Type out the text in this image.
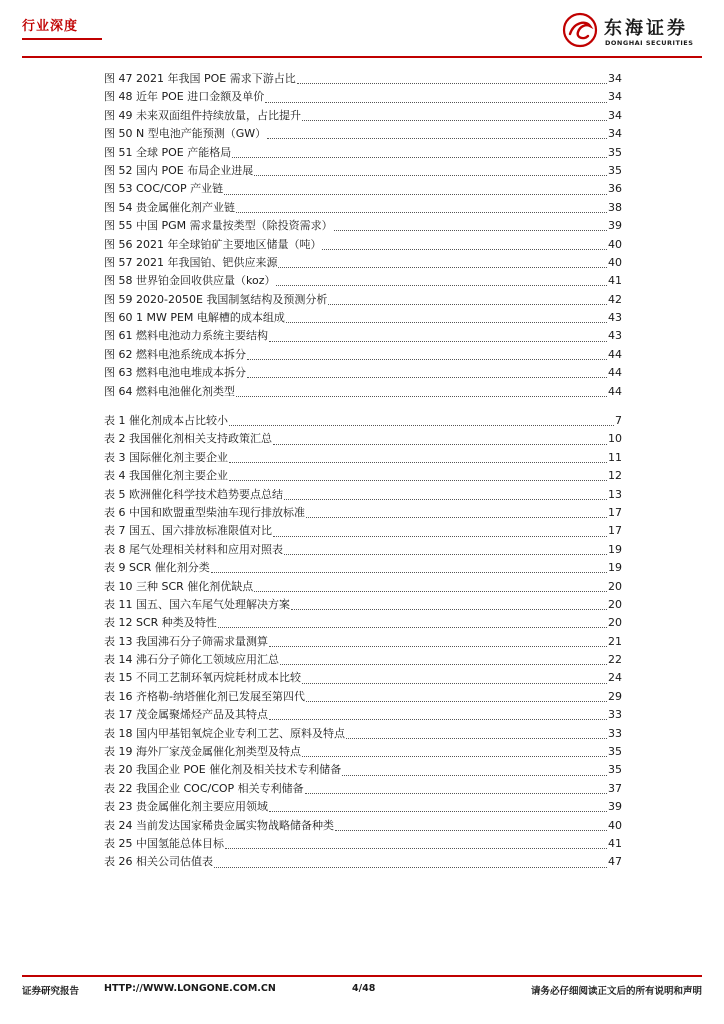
行业深度	东海证券
DONGHAI SECURITIES
图 47 2021 年我国 POE 需求下游占比	34
图 48 近年 POE 进口金额及单价	34
图 49 未来双面组件持续放量，占比提升	34
图 50 N 型电池产能预测（GW）	34
图 51 全球 POE 产能格局	35
图 52 国内 POE 布局企业进展	35
图 53 COC/COP 产业链	36
图 54 贵金属催化剂产业链	38
图 55 中国 PGM 需求量按类型（除投资需求）	39
图 56 2021 年全球铂矿主要地区储量（吨）	40
图 57 2021 年我国铂、钯供应来源	40
图 58 世界铂金回收供应量（koz）	41
图 59 2020-2050E 我国制氢结构及预测分析	42
图 60 1 MW PEM 电解槽的成本组成	43
图 61 燃料电池动力系统主要结构	43
图 62 燃料电池系统成本拆分	44
图 63 燃料电池电堆成本拆分	44
图 64 燃料电池催化剂类型	44
表 1 催化剂成本占比较小	7
表 2 我国催化剂相关支持政策汇总	10
表 3 国际催化剂主要企业	11
表 4 我国催化剂主要企业	12
表 5 欧洲催化科学技术趋势要点总结	13
表 6 中国和欧盟重型柴油车现行排放标准	17
表 7 国五、国六排放标准限值对比	17
表 8 尾气处理相关材料和应用对照表	19
表 9 SCR 催化剂分类	19
表 10 三种 SCR 催化剂优缺点	20
表 11 国五、国六车尾气处理解决方案	20
表 12 SCR 种类及特性	20
表 13 我国沸石分子筛需求量测算	21
表 14 沸石分子筛化工领域应用汇总	22
表 15 不同工艺制环氧丙烷耗材成本比较	24
表 16 齐格勒-纳塔催化剂已发展至第四代	29
表 17 茂金属聚烯烃产品及其特点	33
表 18 国内甲基铝氧烷企业专利工艺、原料及特点	33
表 19 海外厂家茂金属催化剂类型及特点	35
表 20 我国企业 POE 催化剂及相关技术专利储备	35
表 22 我国企业 COC/COP 相关专利储备	37
表 23 贵金属催化剂主要应用领域	39
表 24 当前发达国家稀贵金属实物战略储备种类	40
表 25 中国氢能总体目标	41
表 26 相关公司估值表	47
证券研究报告	HTTP://WWW.LONGONE.COM.CN	4/48	请务必仔细阅读正文后的所有说明和声明
